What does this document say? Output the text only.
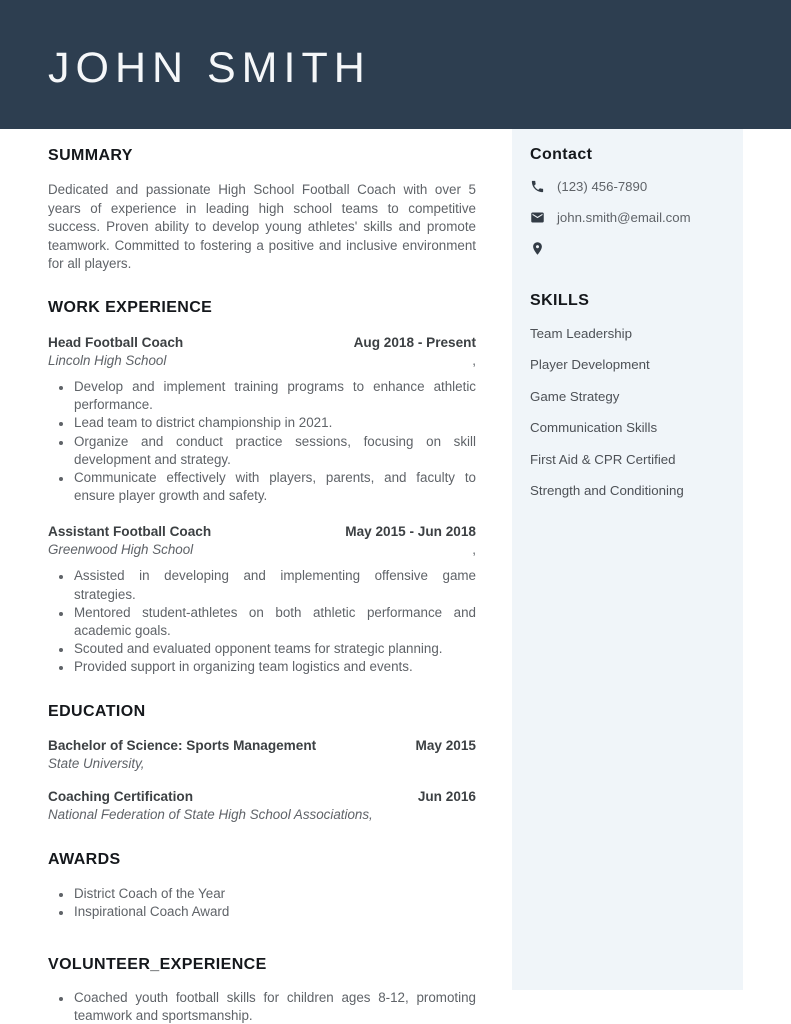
JOHN SMITH
SUMMARY

Dedicated and passionate High School Football Coach with over 5 years of experience in leading high school teams to competitive success. Proven ability to develop young athletes' skills and promote teamwork. Committed to fostering a positive and inclusive environment for all players.

WORK EXPERIENCE
Head Football Coach	Aug 2018 - Present
Lincoln High School	,
• Develop and implement training programs to enhance athletic performance.
• Lead team to district championship in 2021.
• Organize and conduct practice sessions, focusing on skill development and strategy.
• Communicate effectively with players, parents, and faculty to ensure player growth and safety.
Assistant Football Coach	May 2015 - Jun 2018
Greenwood High School	,
• Assisted in developing and implementing offensive game strategies.
• Mentored student-athletes on both athletic performance and academic goals.
• Scouted and evaluated opponent teams for strategic planning.
• Provided support in organizing team logistics and events.
EDUCATION
Bachelor of Science: Sports Management	May 2015
State University,
Coaching Certification	Jun 2016
National Federation of State High School Associations,
AWARDS
• District Coach of the Year
• Inspirational Coach Award
VOLUNTEER_EXPERIENCE
• Coached youth football skills for children ages 8-12, promoting teamwork and sportsmanship.
Contact
(123) 456-7890
john.smith@email.com
SKILLS
Team Leadership
Player Development
Game Strategy
Communication Skills
First Aid & CPR Certified
Strength and Conditioning
